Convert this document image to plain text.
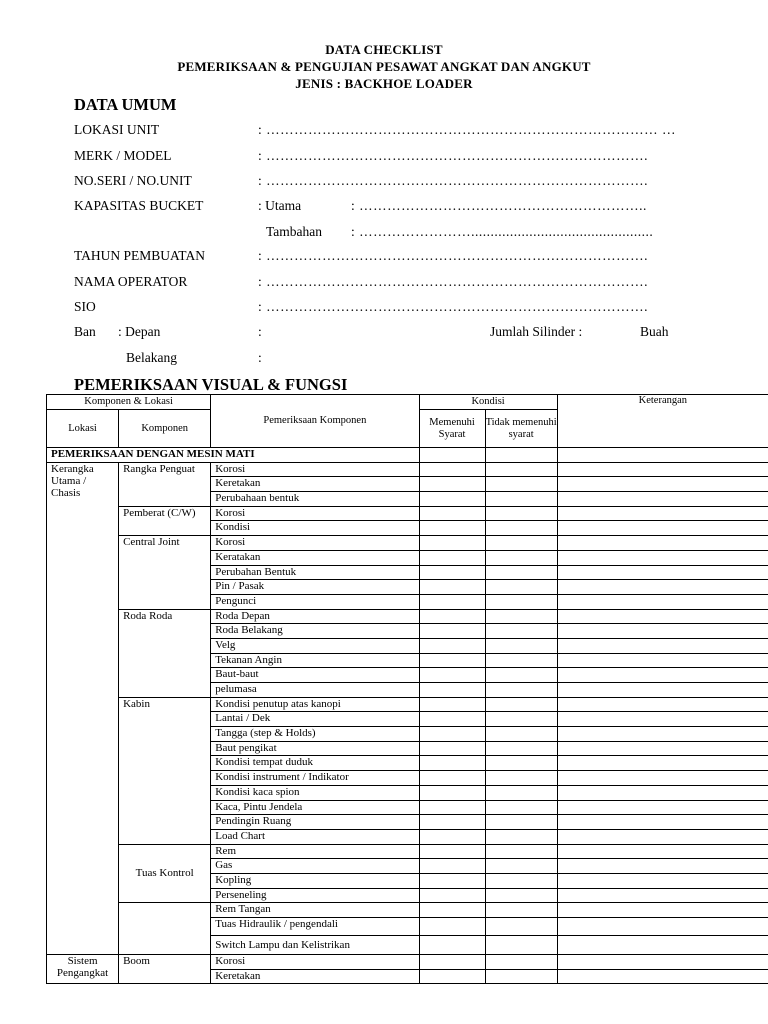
DATA CHECKLIST
PEMERIKSAAN & PENGUJIAN PESAWAT ANGKAT DAN ANGKUT
JENIS : BACKHOE LOADER
DATA UMUM
LOKASI UNIT	: ………………………………………………………………………… …
MERK / MODEL	: ……………………………………………………………………….
NO.SERI / NO.UNIT	: ……………………………………………………………………….
KAPASITAS BUCKET	: Utama	: ……………………………………………………..
Tambahan : ……………………...............................................
TAHUN PEMBUATAN	: ……………………………………………………………………….
NAMA OPERATOR	: ……………………………………………………………………….
SIO	: ……………………………………………………………………….
Ban : Depan	:	Jumlah Silinder :	Buah
Belakang	:
PEMERIKSAAN VISUAL & FUNGSI
Komponen & Lokasi		Pemeriksaan Komponen	Kondisi		Keterangan
Lokasi	Komponen		Memenuhi Syarat	Tidak memenuhi syarat	
PEMERIKSAAN DENGAN MESIN MATI					
Kerangka Utama / Chasis	Rangka Penguat	Korosi			
		Keretakan			
		Perubahaan bentuk			
	Pemberat (C/W)	Korosi			
		Kondisi			
	Central Joint	Korosi			
		Keratakan			
		Perubahan Bentuk			
		Pin / Pasak			
		Pengunci			
	Roda Roda	Roda Depan			
		Roda Belakang			
		Velg			
		Tekanan Angin			
		Baut-baut			
		pelumasa			
	Kabin	Kondisi penutup atas kanopi			
		Lantai / Dek			
		Tangga (step & Holds)			
		Baut pengikat			
		Kondisi tempat duduk			
		Kondisi instrument / Indikator			
		Kondisi kaca spion			
		Kaca, Pintu Jendela			
		Pendingin Ruang			
		Load Chart			
	Tuas Kontrol	Rem			
		Gas			
		Kopling			
		Perseneling			
		Rem Tangan			
		Tuas Hidraulik / pengendali			
		Switch Lampu dan Kelistrikan			
Sistem Pengangkat	Boom	Korosi			
		Keretakan			
